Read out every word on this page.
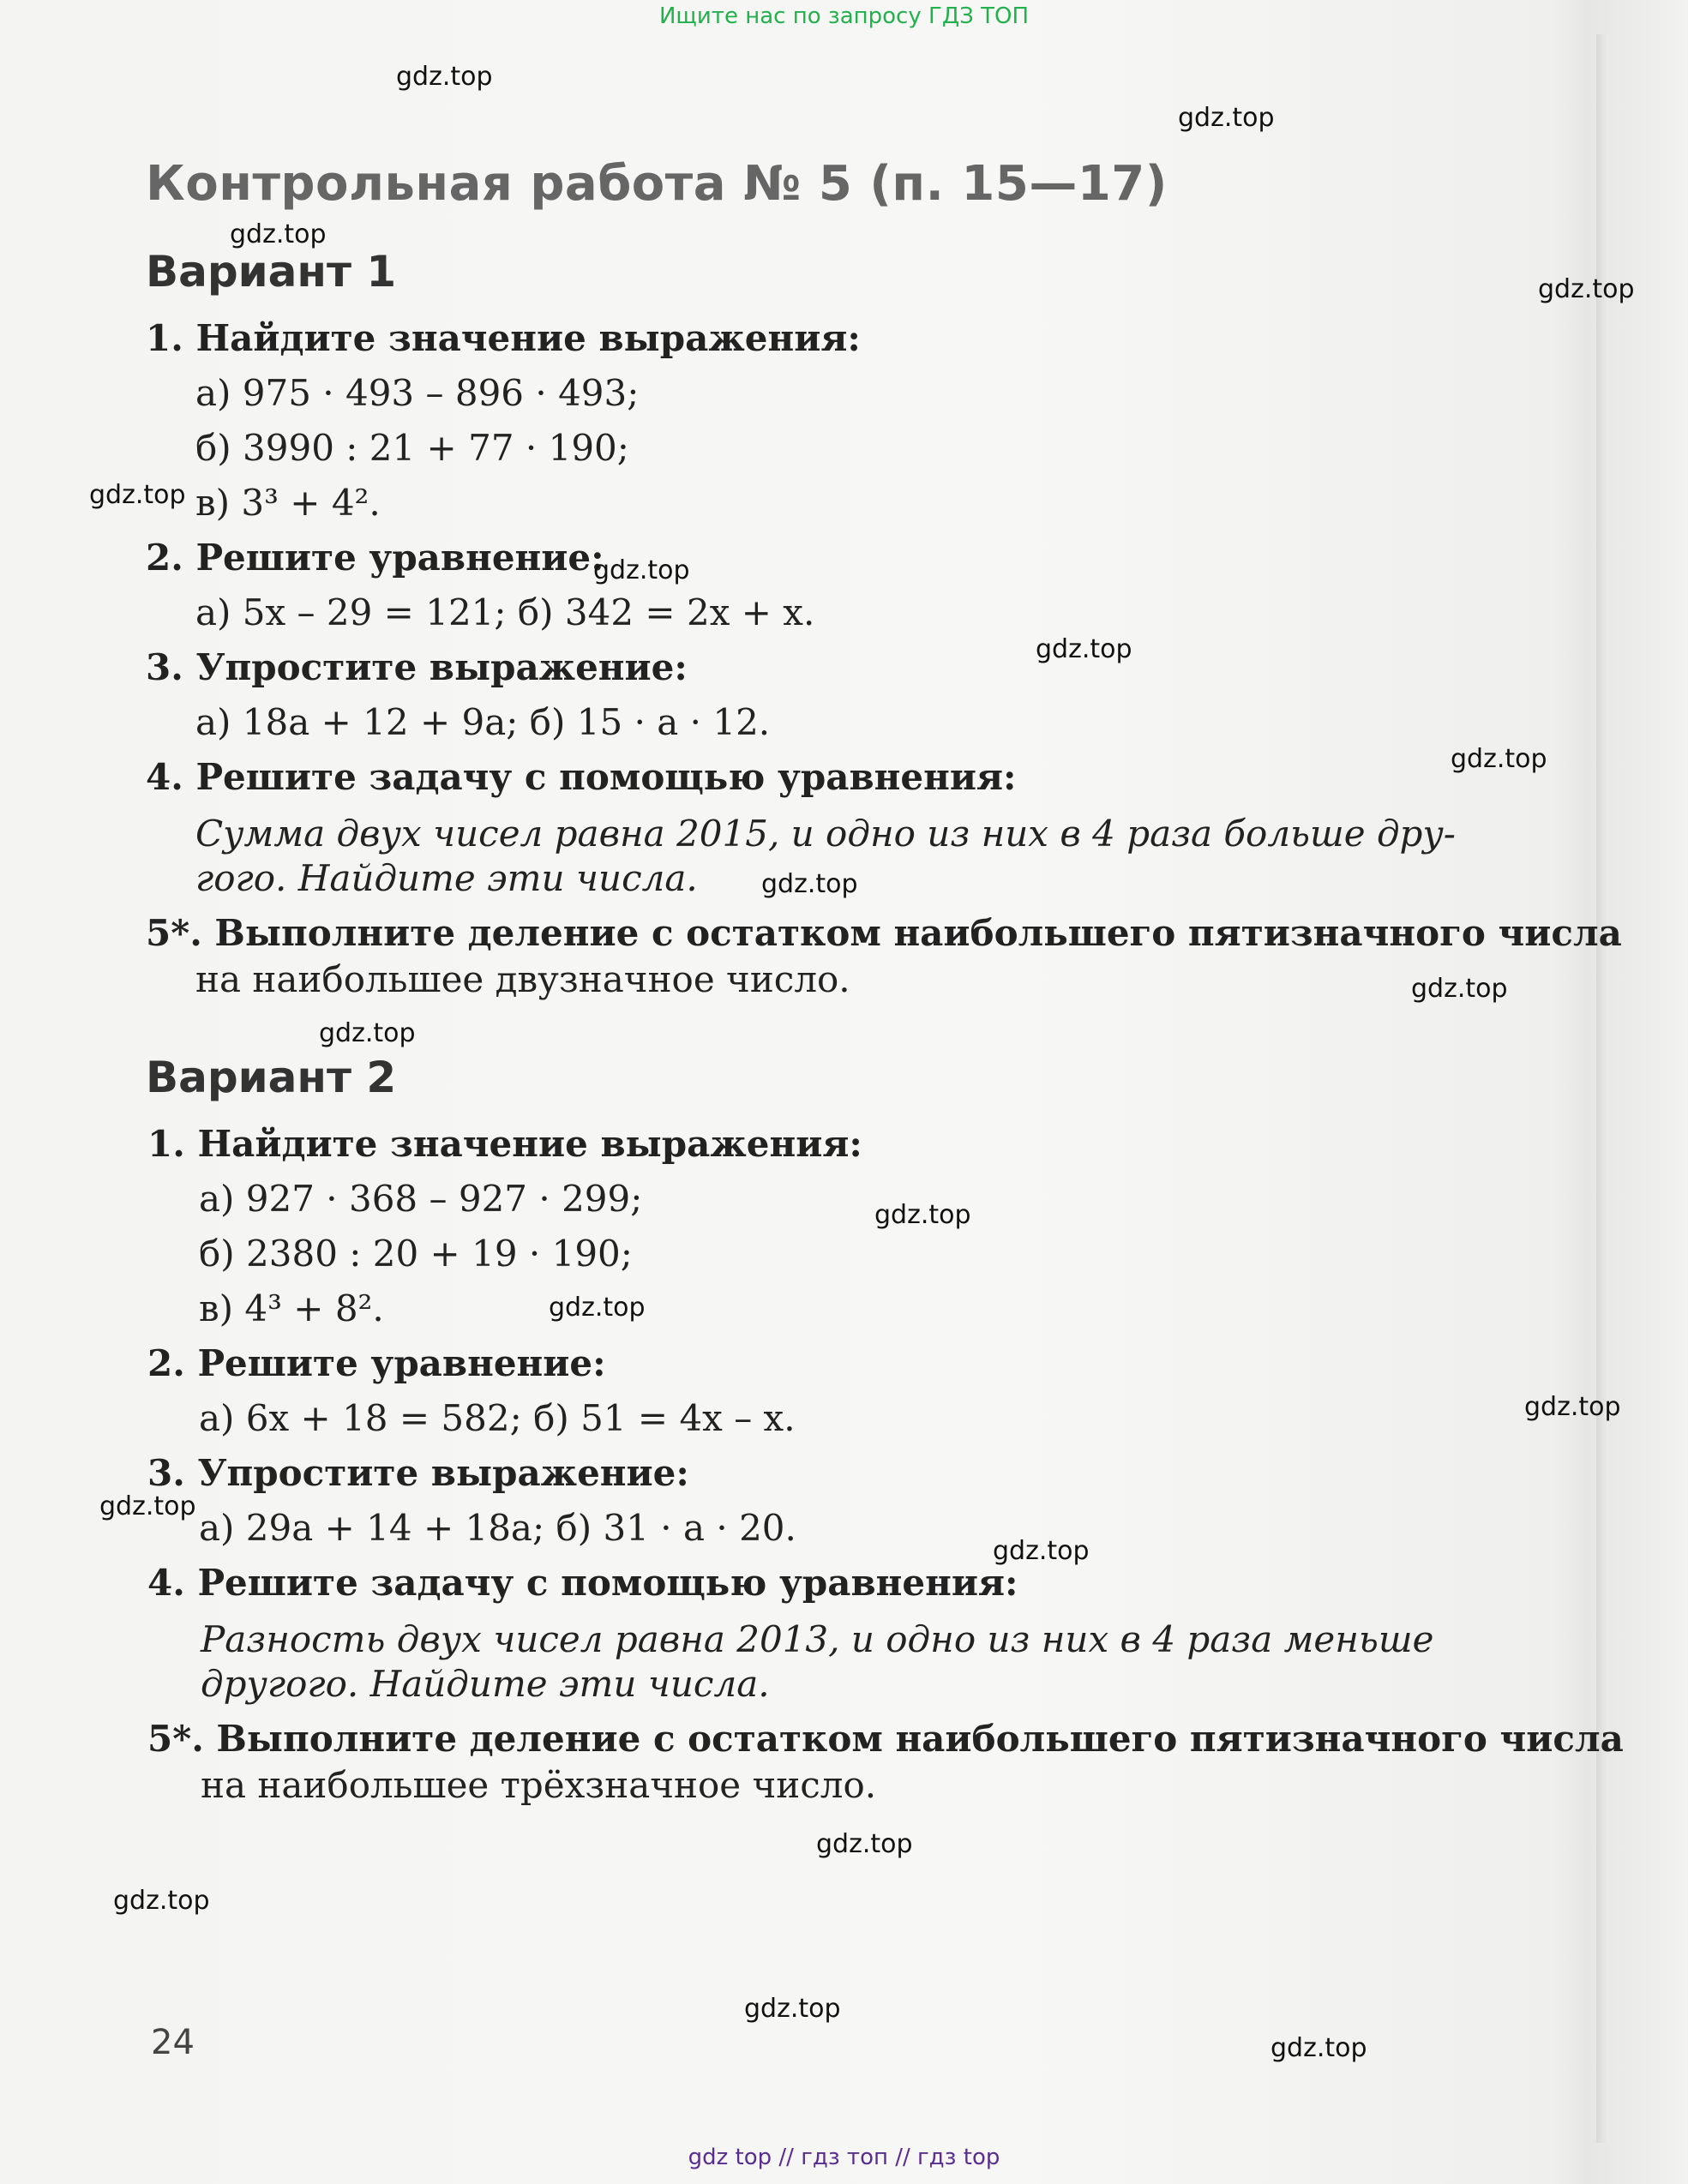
Ищите нас по запросу ГДЗ ТОП

Контрольная работа № 5 (п. 15—17)
Вариант 1
1. Найдите значение выражения:
а) 975 · 493 – 896 · 493;
б) 3990 : 21 + 77 · 190;
в) 3³ + 4².
2. Решите уравнение:
а) 5x – 29 = 121; б) 342 = 2x + x.
3. Упростите выражение:
а) 18a + 12 + 9a; б) 15 · a · 12.
4. Решите задачу с помощью уравнения:
Сумма двух чисел равна 2015, и одно из них в 4 раза больше дру-
гого. Найдите эти числа.
5*. Выполните деление с остатком наибольшего пятизначного числа
на наибольшее двузначное число.
Вариант 2
1. Найдите значение выражения:
а) 927 · 368 – 927 · 299;
б) 2380 : 20 + 19 · 190;
в) 4³ + 8².
2. Решите уравнение:
а) 6x + 18 = 582; б) 51 = 4x – x.
3. Упростите выражение:
а) 29a + 14 + 18a; б) 31 · a · 20.
4. Решите задачу с помощью уравнения:
Разность двух чисел равна 2013, и одно из них в 4 раза меньше
другого. Найдите эти числа.
5*. Выполните деление с остатком наибольшего пятизначного числа
на наибольшее трёхзначное число.
24
gdz.top
gdz.top
gdz.top
gdz.top
gdz.top
gdz.top
gdz.top
gdz.top
gdz.top
gdz.top
gdz.top
gdz.top
gdz.top
gdz.top
gdz.top
gdz.top
gdz.top
gdz.top
gdz.top
gdz.top
gdz top // гдз топ // гдз top
